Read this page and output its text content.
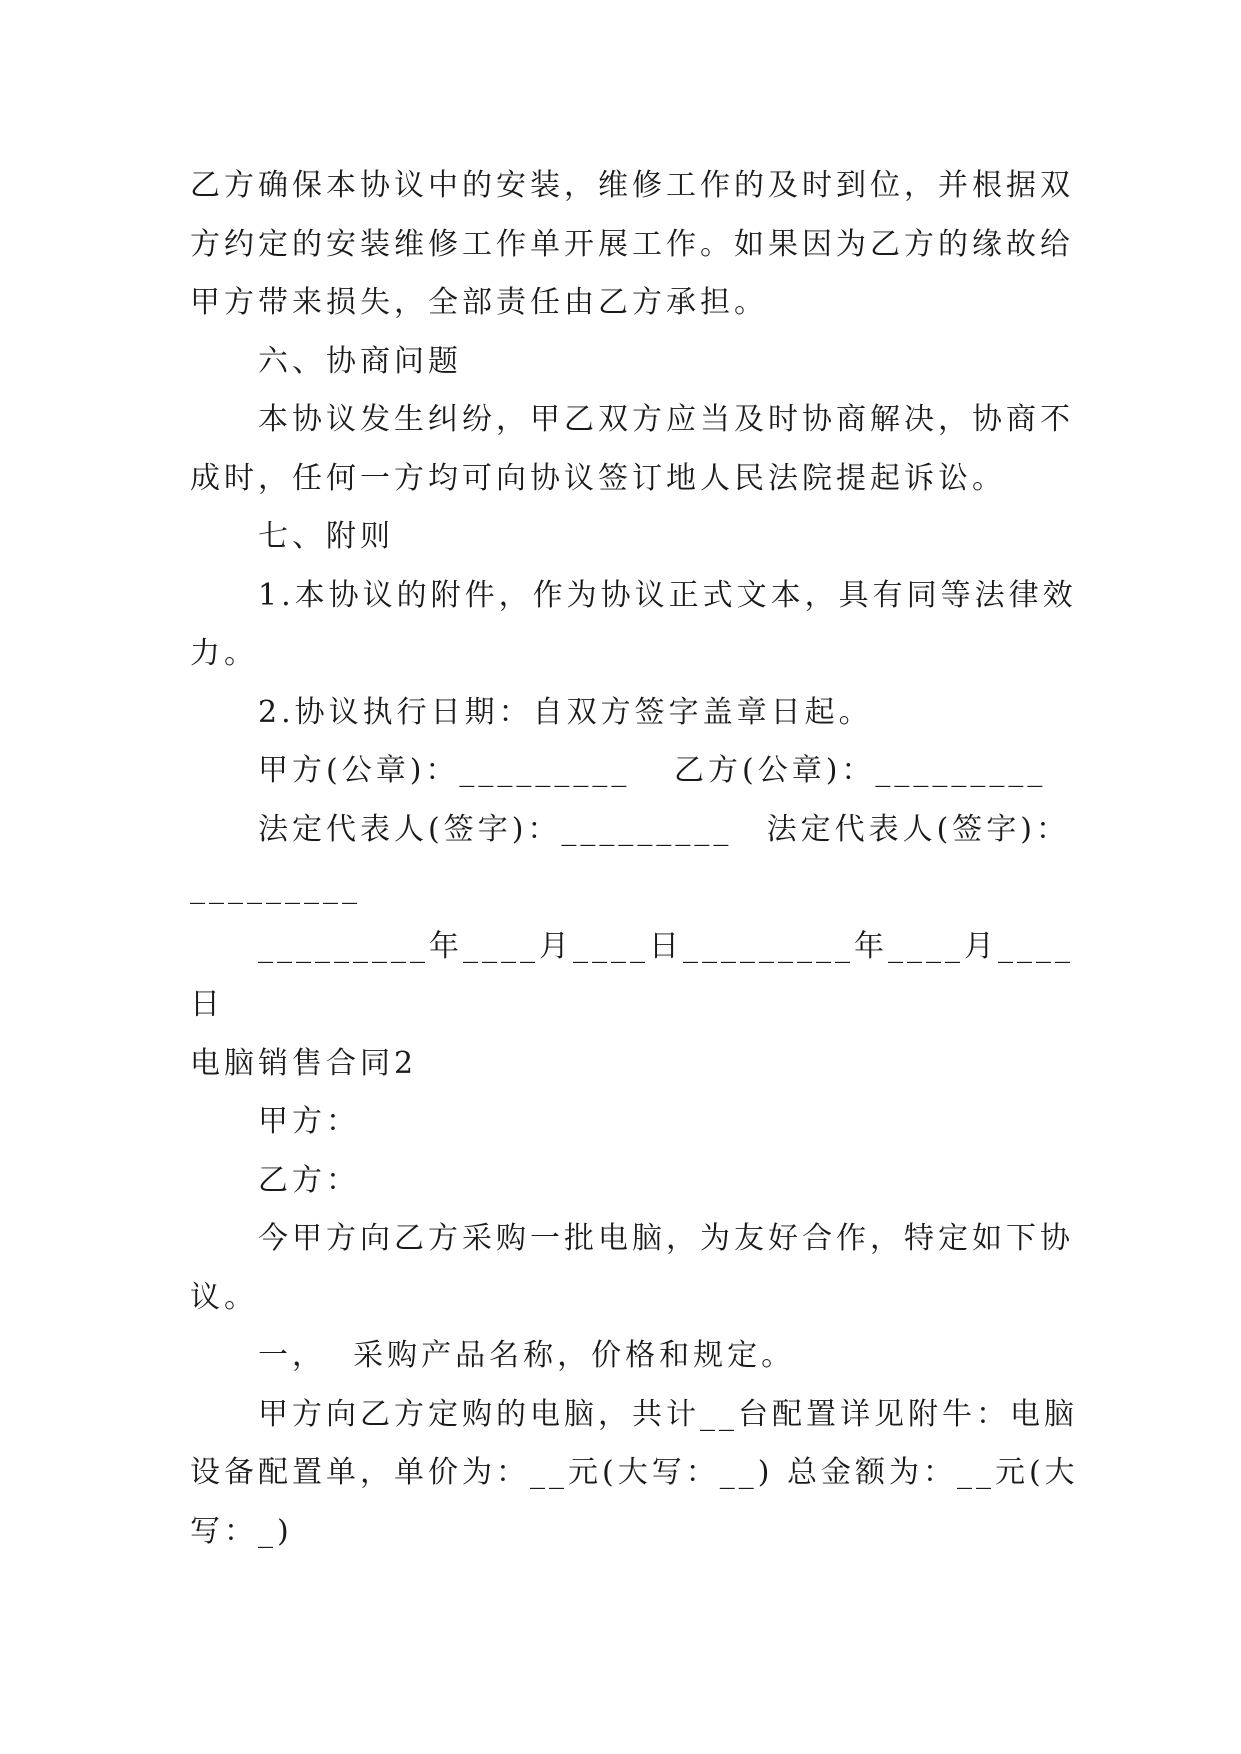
乙方确保本协议中的安装，维修工作的及时到位，并根据双
方约定的安装维修工作单开展工作。如果因为乙方的缘故给
甲方带来损失，全部责任由乙方承担。
六、协商问题
本协议发生纠纷，甲乙双方应当及时协商解决，协商不
成时，任何一方均可向协议签订地人民法院提起诉讼。
七、附则
1.本协议的附件，作为协议正式文本，具有同等法律效
力。
2.协议执行日期：自双方签字盖章日起。
甲方(公章)：_________	乙方(公章)：_________
法定代表人(签字)：_________	法定代表人(签字)：
_________
_________年____月____日 _________年____月____
日
电脑销售合同2
甲方：
乙方：
今甲方向乙方采购一批电脑，为友好合作，特定如下协
议。
一，  采购产品名称，价格和规定。
甲方向乙方定购的电脑，共计__台配置详见附牛：电脑
设备配置单，单价为：__元(大写：__) 总金额为：__元(大
写：_)
